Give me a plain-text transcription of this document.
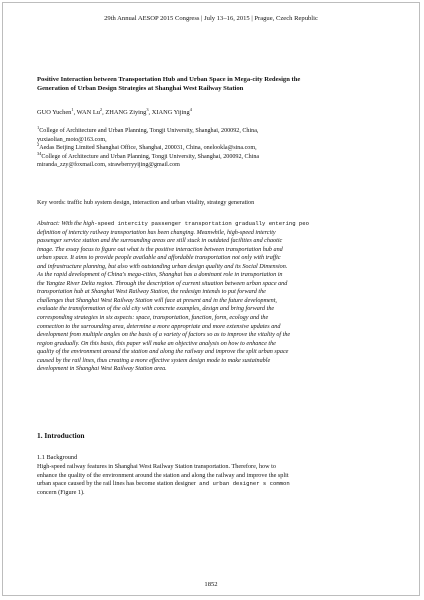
29th Annual AESOP 2015 Congress | July 13–16, 2015 | Prague, Czech Republic
Positive Interaction between Transportation Hub and Urban Space in Mega-city Redesign the
Generation of Urban Design Strategies at Shanghai West Railway Station
GUO Yuchen$^1$, WAN Lu$^2$, ZHANG Ziying$^3$, XIANG Yijing$^4$
$^1$College of Architecture and Urban Planning, Tongji University, Shanghai, 200092, China,
yuxiaolian_moto@163.com,
$^2$Aedas Beijing Limited Shanghai Office, Shanghai, 200031, China, onelookla@sina.com,
$^{34}$College of Architecture and Urban Planning, Tongji University, Shanghai, 200092, China
miranda_zzy@foxmail.com, strawberryyijing@gmail.com
Key words: traffic hub system design, interaction and urban vitality, strategy generation
Abstract: With the high-speed intercity passenger transportation gradually entering peo
definition of intercity railway transportation has been changing. Meanwhile, high-speed intercity
passenger service station and the surrounding areas are still stuck in outdated facilities and chaotic
image. The essay focus to figure out what is the positive interaction between transportation hub and
urban space. It aims to provide people available and affordable transportation not only with traffic
and infrastructure planning, but also with outstanding urban design quality and its Social Dimension.
As the rapid development of China's mega-cities, Shanghai has a dominant role in transportation in
the Yangtze River Delta region. Through the description of current situation between urban space and
transportation hub at Shanghai West Railway Station, the redesign intends to put forward the
challenges that Shanghai West Railway Station will face at present and in the future development,
evaluate the transformation of the old city with concrete examples, design and bring forward the
corresponding strategies in six aspects: space, transportation, function, form, ecology and the
connection to the surrounding area, determine a more appropriate and more extensive updates and
development from multiple angles on the basis of a variety of factors so as to improve the vitality of the
region gradually. On this basis, this paper will make an objective analysis on how to enhance the
quality of the environment around the station and along the railway and improve the split urban space
caused by the rail lines, thus creating a more effective system design mode to make sustainable
development in Shanghai West Railway Station area.
1. Introduction
1.1 Background
High-speed railway features in Shanghai West Railway Station transportation. Therefore, how to
enhance the quality of the environment around the station and along the railway and improve the split
urban space caused by the rail lines has become station designer and urban designer s common
concern (Figure 1).
1852
